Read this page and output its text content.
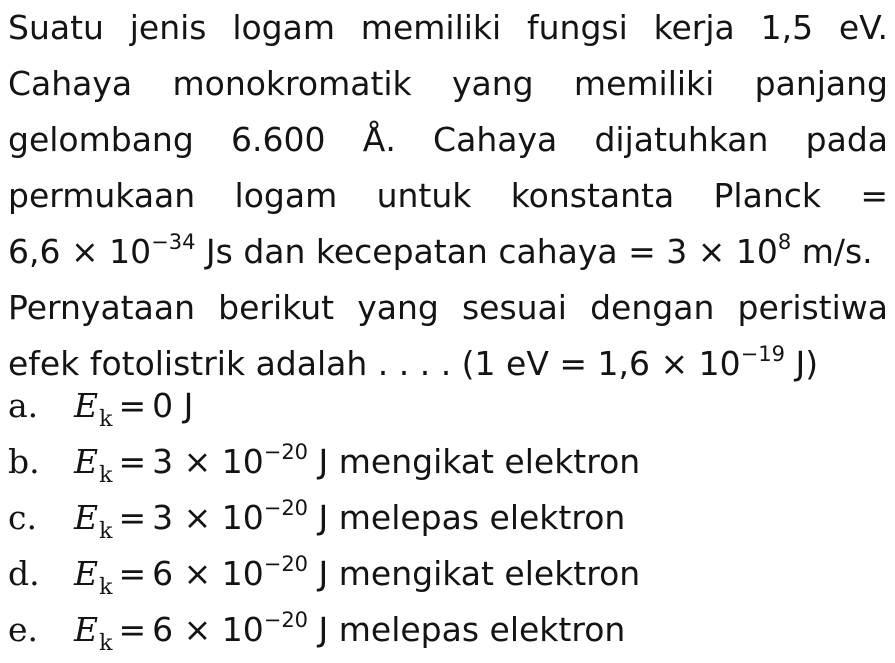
Suatu jenis logam memiliki fungsi kerja 1,5 eV.
Cahaya monokromatik yang memiliki panjang
gelombang 6.600 Å. Cahaya dijatuhkan pada
permukaan logam untuk konstanta Planck =
$6,6 \times 10^{-34}$ Js dan kecepatan cahaya = $3 \times 10^8$ m/s.
Pernyataan berikut yang sesuai dengan peristiwa
efek fotolistrik adalah . . . . (1 eV = $1,6 \times 10^{-19}$ J)
a. $E_k = 0$ J
b. $E_k = 3 \times 10^{-20}$ J mengikat elektron
c. $E_k = 3 \times 10^{-20}$ J melepas elektron
d. $E_k = 6 \times 10^{-20}$ J mengikat elektron
e. $E_k = 6 \times 10^{-20}$ J melepas elektron
